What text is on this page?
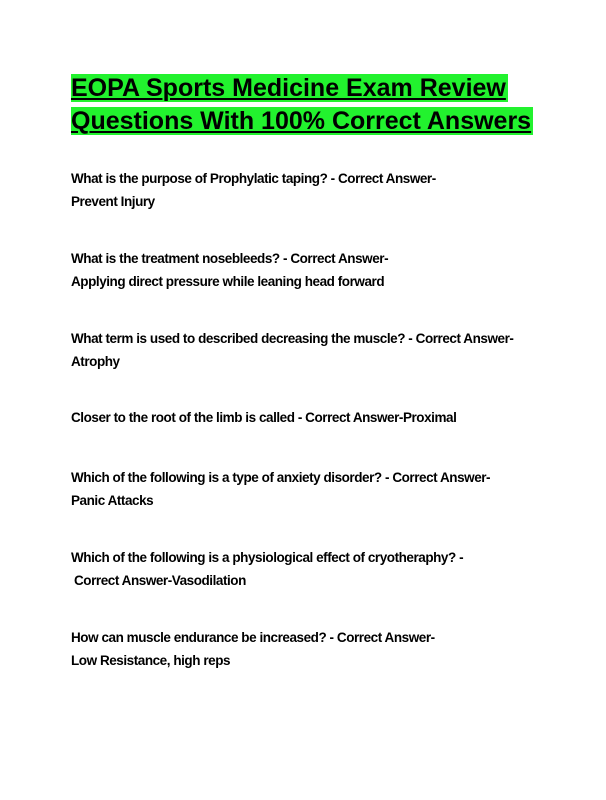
EOPA Sports Medicine Exam Review
Questions With 100% Correct Answers
What is the purpose of Prophylatic taping? - Correct Answer-
Prevent Injury
What is the treatment nosebleeds? - Correct Answer-
Applying direct pressure while leaning head forward
What term is used to described decreasing the muscle? - Correct Answer-
Atrophy
Closer to the root of the limb is called - Correct Answer-Proximal
Which of the following is a type of anxiety disorder? - Correct Answer-
Panic Attacks
Which of the following is a physiological effect of cryotheraphy? -
Correct Answer-Vasodilation
How can muscle endurance be increased? - Correct Answer-
Low Resistance, high reps
